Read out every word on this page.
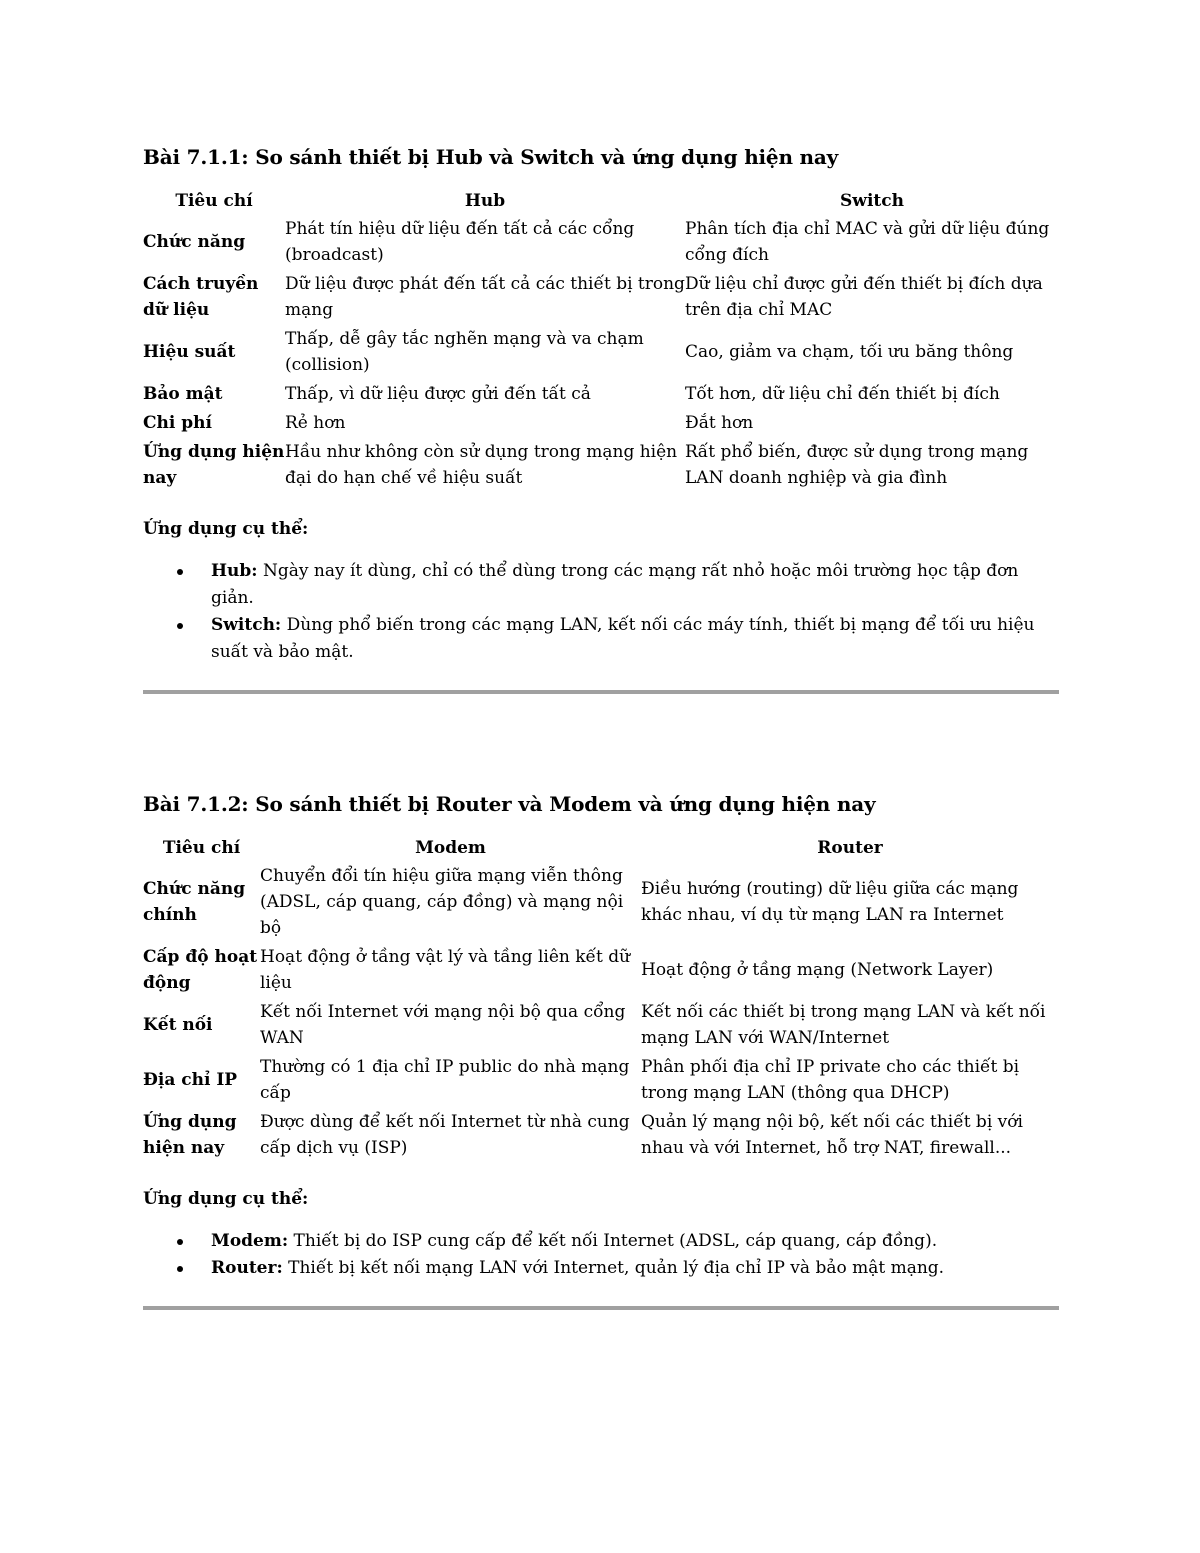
Bài 7.1.1: So sánh thiết bị Hub và Switch và ứng dụng hiện nay
Tiêu chí	Hub	Switch
Chức năng	Phát tín hiệu dữ liệu đến tất cả các cổng (broadcast)	Phân tích địa chỉ MAC và gửi dữ liệu đúng cổng đích
Cách truyền dữ liệu	Dữ liệu được phát đến tất cả các thiết bị trong mạng	Dữ liệu chỉ được gửi đến thiết bị đích dựa trên địa chỉ MAC
Hiệu suất	Thấp, dễ gây tắc nghẽn mạng và va chạm (collision)	Cao, giảm va chạm, tối ưu băng thông
Bảo mật	Thấp, vì dữ liệu được gửi đến tất cả	Tốt hơn, dữ liệu chỉ đến thiết bị đích
Chi phí	Rẻ hơn	Đắt hơn
Ứng dụng hiện nay	Hầu như không còn sử dụng trong mạng hiện đại do hạn chế về hiệu suất	Rất phổ biến, được sử dụng trong mạng LAN doanh nghiệp và gia đình

Ứng dụng cụ thể:

Hub: Ngày nay ít dùng, chỉ có thể dùng trong các mạng rất nhỏ hoặc môi trường học tập đơn giản.
Switch: Dùng phổ biến trong các mạng LAN, kết nối các máy tính, thiết bị mạng để tối ưu hiệu suất và bảo mật.
Bài 7.1.2: So sánh thiết bị Router và Modem và ứng dụng hiện nay
Tiêu chí	Modem	Router
Chức năng chính	Chuyển đổi tín hiệu giữa mạng viễn thông (ADSL, cáp quang, cáp đồng) và mạng nội bộ	Điều hướng (routing) dữ liệu giữa các mạng khác nhau, ví dụ từ mạng LAN ra Internet
Cấp độ hoạt động	Hoạt động ở tầng vật lý và tầng liên kết dữ liệu	Hoạt động ở tầng mạng (Network Layer)
Kết nối	Kết nối Internet với mạng nội bộ qua cổng WAN	Kết nối các thiết bị trong mạng LAN và kết nối mạng LAN với WAN/Internet
Địa chỉ IP	Thường có 1 địa chỉ IP public do nhà mạng cấp	Phân phối địa chỉ IP private cho các thiết bị trong mạng LAN (thông qua DHCP)
Ứng dụng hiện nay	Được dùng để kết nối Internet từ nhà cung cấp dịch vụ (ISP)	Quản lý mạng nội bộ, kết nối các thiết bị với nhau và với Internet, hỗ trợ NAT, firewall...

Ứng dụng cụ thể:

Modem: Thiết bị do ISP cung cấp để kết nối Internet (ADSL, cáp quang, cáp đồng).
Router: Thiết bị kết nối mạng LAN với Internet, quản lý địa chỉ IP và bảo mật mạng.
